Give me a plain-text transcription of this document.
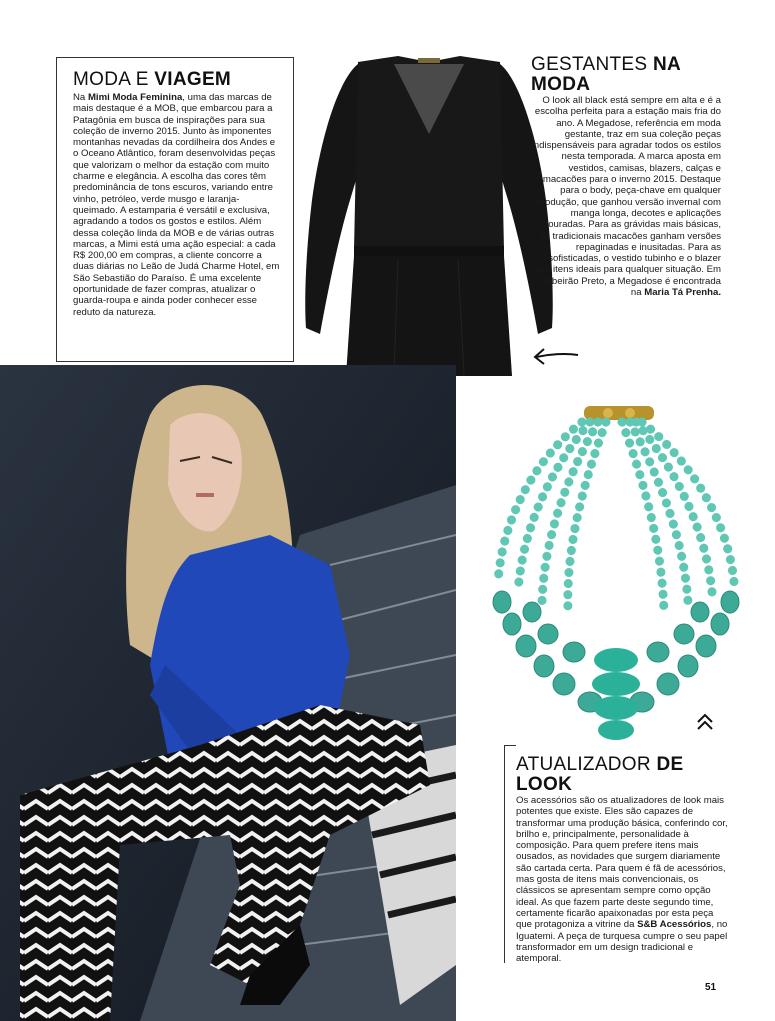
MODA E VIAGEM

Na Mimi Moda Feminina, uma das marcas de mais destaque é a MOB, que embarcou para a Patagônia em busca de inspirações para sua coleção de inverno 2015. Junto às imponentes montanhas nevadas da cordilheira dos Andes e o Oceano Atlântico, foram desenvolvidas peças que valorizam o melhor da estação com muito charme e elegância. A escolha das cores têm predominância de tons escuros, variando entre vinho, petróleo, verde musgo e laranja-queimado. A estamparia é versátil e exclusiva, agradando a todos os gostos e estilos. Além dessa coleção linda da MOB e de várias outras marcas, a Mimi está uma ação especial: a cada R$ 200,00 em compras, a cliente concorre a duas diárias no Leão de Judá Charme Hotel, em São Sebastião do Paraíso. É uma excelente oportunidade de fazer compras, atualizar o guarda-roupa e ainda poder conhecer esse reduto da natureza.

GESTANTES NA MODA

O look all black está sempre em alta e é a escolha perfeita para a estação mais fria do ano. A Megadose, referência em moda gestante, traz em sua coleção peças indispensáveis para agradar todos os estilos nesta temporada. A marca aposta em vestidos, camisas, blazers, calças e macacões para o inverno 2015. Destaque para o body, peça-chave em qualquer produção, que ganhou versão invernal com manga longa, decotes e aplicações douradas. Para as grávidas mais básicas, os tradicionais macacões ganham versões repaginadas e inusitadas. Para as sofisticadas, o vestido tubinho e o blazer são itens ideais para qualquer situação. Em Ribeirão Preto, a Megadose é encontrada na Maria Tá Prenha.

ATUALIZADOR DE LOOK

Os acessórios são os atualizadores de look mais potentes que existe. Eles são capazes de transformar uma produção básica, conferindo cor, brilho e, principalmente, personalidade à composição. Para quem prefere itens mais ousados, as novidades que surgem diariamente são cartada certa. Para quem é fã de acessórios, mas gosta de itens mais convencionais, os clássicos se apresentam sempre como opção ideal. As que fazem parte deste segundo time, certamente ficarão apaixonadas por esta peça que protagoniza a vitrine da S&B Acessórios, no Iguatemi. A peça de turquesa cumpre o seu papel transformador em um design tradicional e atemporal.

51
